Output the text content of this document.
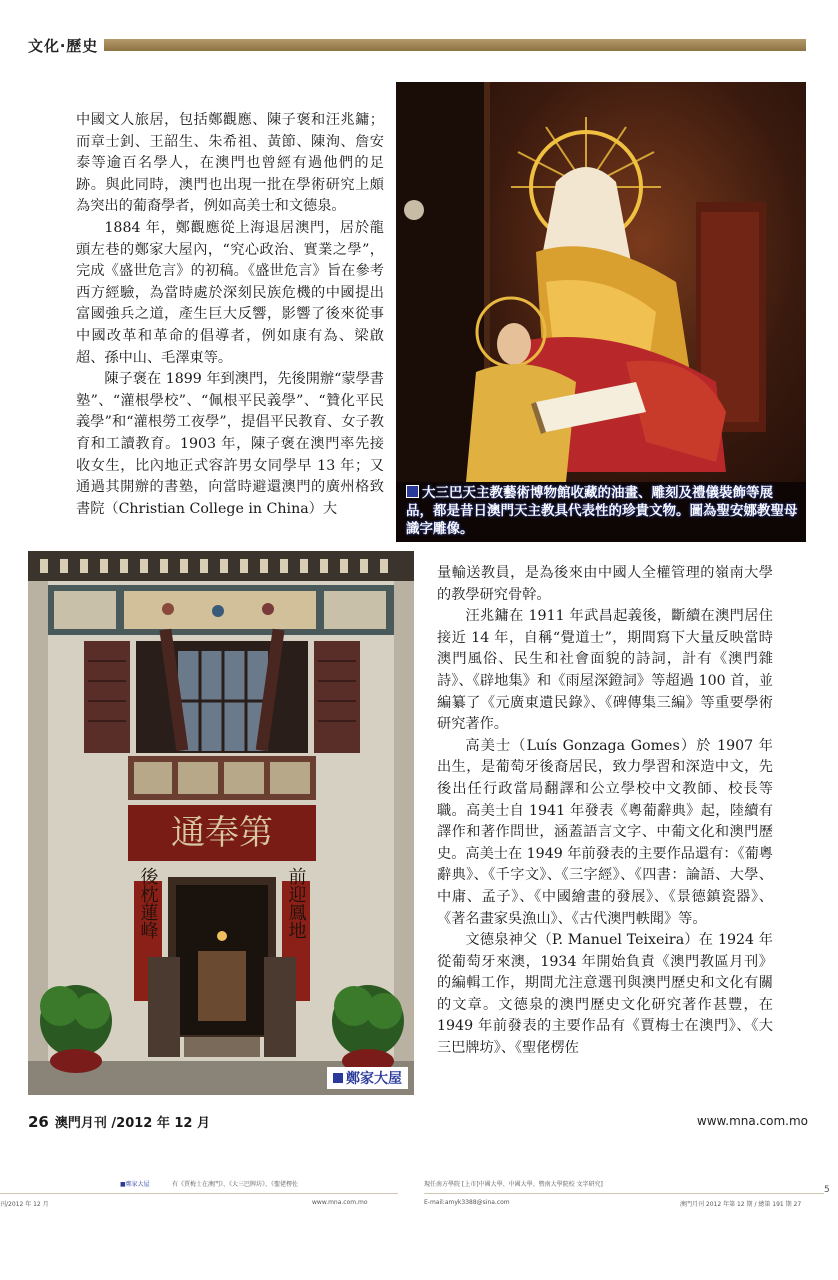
文化‧歷史

中國文人旅居，包括鄭觀應、陳子褒和汪兆鏞；而章士釗、王韶生、朱希祖、黃節、陳洵、詹安泰等逾百名學人，在澳門也曾經有過他們的足跡。與此同時，澳門也出現一批在學術研究上頗為突出的葡裔學者，例如高美士和文德泉。

1884 年，鄭觀應從上海退居澳門，居於龍頭左巷的鄭家大屋內，“究心政治、實業之學”，完成《盛世危言》的初稿。《盛世危言》旨在參考西方經驗，為當時處於深刻民族危機的中國提出富國強兵之道，產生巨大反響，影響了後來從事中國改革和革命的倡導者，例如康有為、梁啟超、孫中山、毛澤東等。

陳子褒在 1899 年到澳門，先後開辦“蒙學書塾”、“灌根學校”、“佩根平民義學”、“贊化平民義學”和“灌根勞工夜學”，提倡平民教育、女子教育和工讀教育。1903 年，陳子褒在澳門率先接收女生，比內地正式容許男女同學早 13 年；又通過其開辦的書塾，向當時避還澳門的廣州格致書院（Christian College in China）大

大三巴天主教藝術博物館收藏的油畫、雕刻及禮儀裝飾等展品，都是昔日澳門天主教具代表性的珍貴文物。圖為聖安娜教聖母識字雕像。
通奉第
後枕蓮峰	前迎鳳地
鄭家大屋

量輸送教員，是為後來由中國人全權管理的嶺南大學的教學研究骨幹。

汪兆鏞在 1911 年武昌起義後，斷續在澳門居住接近 14 年，自稱“覺道士”，期間寫下大量反映當時澳門風俗、民生和社會面貌的詩詞，計有《澳門雜詩》、《辟地集》和《雨屋深鐙詞》等超過 100 首，並編纂了《元廣東遺民錄》、《碑傳集三編》等重要學術研究著作。

高美士（Luís Gonzaga Gomes）於 1907 年出生，是葡萄牙後裔居民，致力學習和深造中文，先後出任行政當局翻譯和公立學校中文教師、校長等職。高美士自 1941 年發表《粵葡辭典》起，陸續有譯作和著作問世，涵蓋語言文字、中葡文化和澳門歷史。高美士在 1949 年前發表的主要作品還有：《葡粵辭典》、《千字文》、《三字經》、《四書：論語、大學、中庸、孟子》、《中國繪畫的發展》、《景德鎮瓷器》、《著名畫家吳漁山》、《古代澳門軼聞》等。

文德泉神父（P. Manuel Teixeira）在 1924 年從葡萄牙來澳，1934 年開始負責《澳門教區月刊》的編輯工作，期間尤注意選刊與澳門歷史和文化有關的文章。文德泉的澳門歷史文化研究著作甚豐，在 1949 年前發表的主要作品有《賈梅士在澳門》、《大三巴牌坊》、《聖佬楞佐

26 澳門月刊 /2012 年 12 月	www.mna.com.mo
■鄭家大屋	有《賈梅士在澳門》、《大三巴牌坊》、《聖佬楞佐
刊/2012 年 12 月	www.mna.com.mo
現任南方學院 [上市]中國大學、中國大學、暨南大學院校 文字研究]
E-mail:amyk3388@sina.com	澳門月刊 2012 年第 12 期 / 總第 191 期 27
5
